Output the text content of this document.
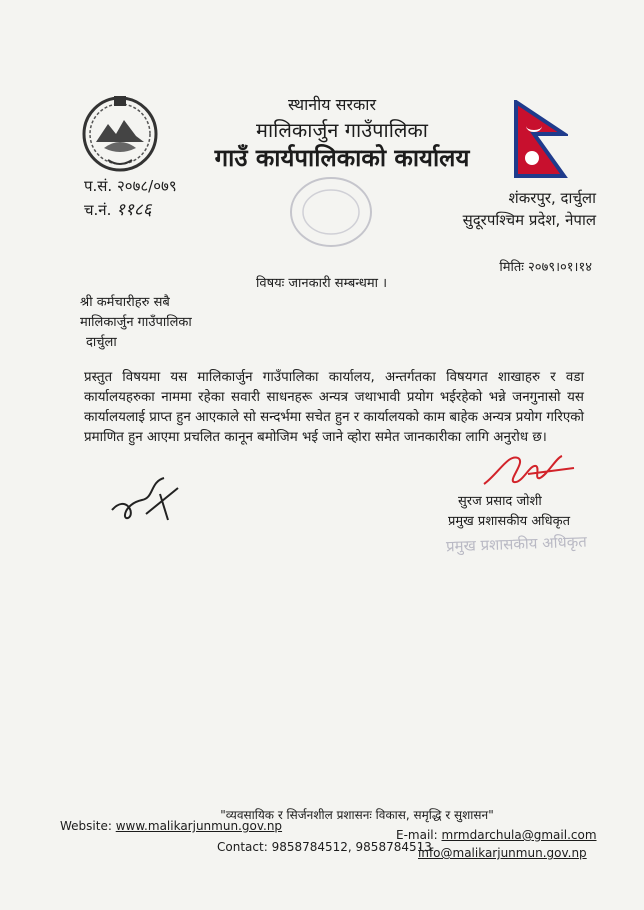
स्थानीय सरकार
मालिकार्जुन गाउँपालिका
गाउँ कार्यपालिकाको कार्यालय
प.सं. २०७८/०७९
च.नं. ११८६
शंकरपुर, दार्चुला
सुदूरपश्चिम प्रदेश, नेपाल
मितिः २०७९।०१।१४
विषयः जानकारी सम्बन्धमा ।
श्री कर्मचारीहरु सबै
मालिकार्जुन गाउँपालिका
दार्चुला
प्रस्तुत विषयमा यस मालिकार्जुन गाउँपालिका कार्यालय, अन्तर्गतका विषयगत शाखाहरु र वडा कार्यालयहरुका नाममा रहेका सवारी साधनहरू अन्यत्र जथाभावी प्रयोग भईरहेको भन्ने जनगुनासो यस कार्यालयलाई प्राप्त हुन आएकाले सो सन्दर्भमा सचेत हुन र कार्यालयको काम बाहेक अन्यत्र प्रयोग गरिएको प्रमाणित हुन आएमा प्रचलित कानून बमोजिम भई जाने व्होरा समेत जानकारीका लागि अनुरोध छ।
सुरज प्रसाद जोशी
प्रमुख प्रशासकीय अधिकृत
प्रमुख प्रशासकीय अधिकृत
"व्यवसायिक र सिर्जनशील प्रशासनः विकास, समृद्धि र सुशासन"
Website: www.malikarjunmun.gov.np
E-mail: mrmdarchula@gmail.com
Contact: 9858784512, 9858784513
info@malikarjunmun.gov.np
